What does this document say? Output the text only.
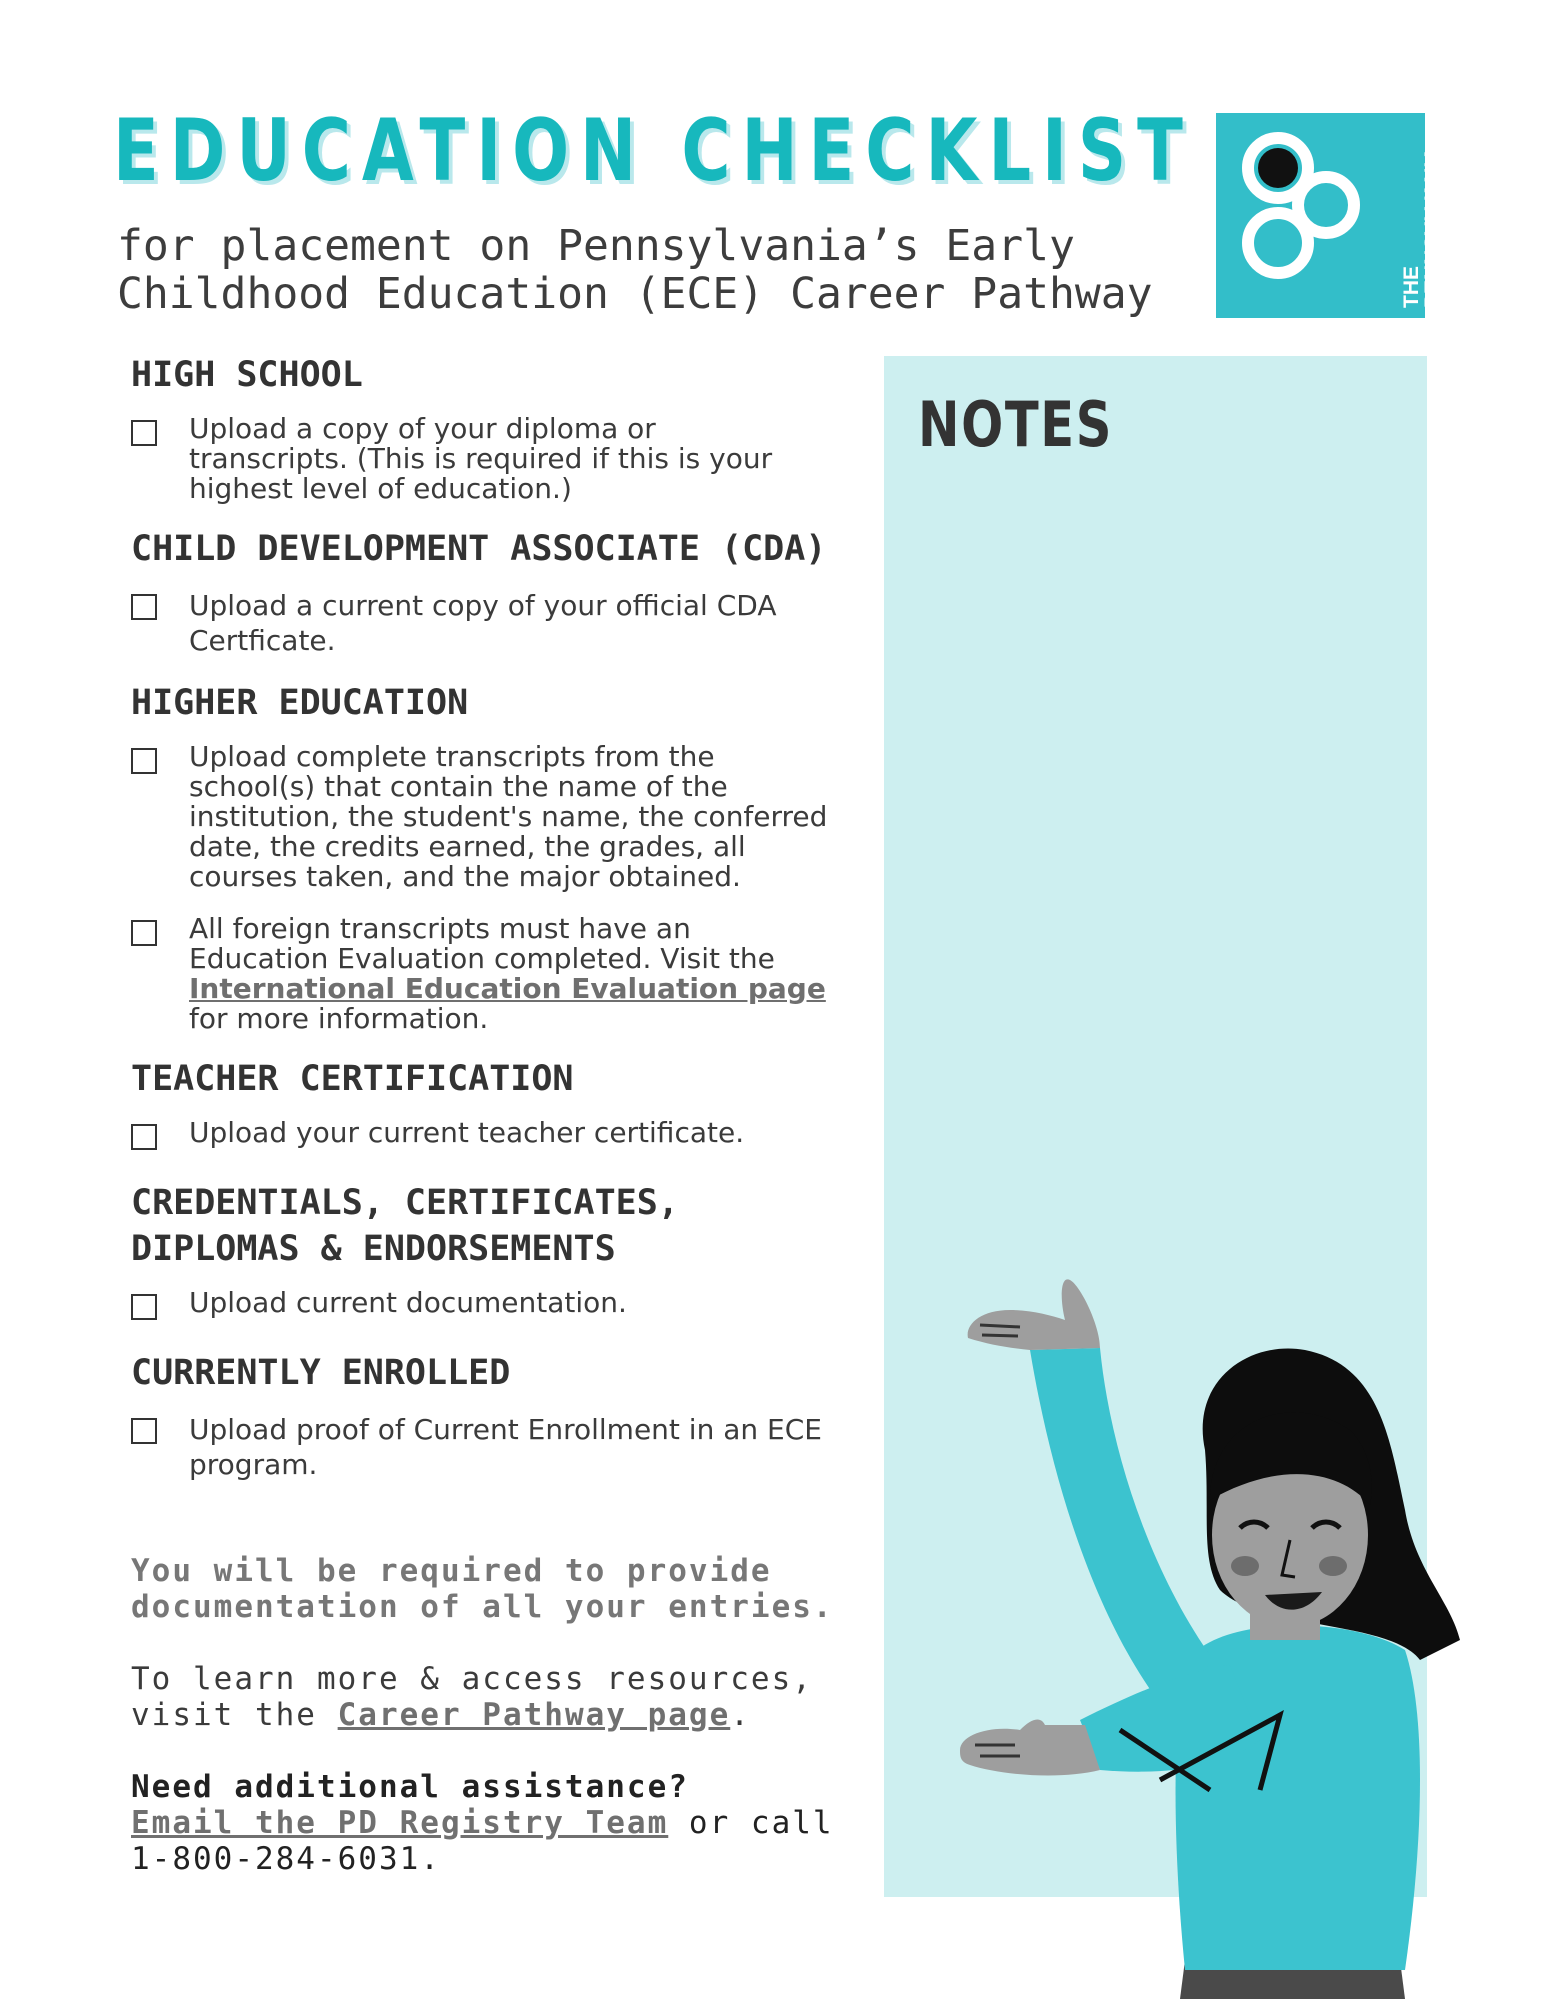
EDUCATION CHECKLIST
for placement on Pennsylvania’s Early
Childhood Education (ECE) Career Pathway	THE
PENNSYLVANIA
KEY
NOTES
HIGH SCHOOL
Upload a copy of your diploma or transcripts. (This is required if this is your highest level of education.)
CHILD DEVELOPMENT ASSOCIATE (CDA)
Upload a current copy of your official CDA Certficate.
HIGHER EDUCATION
Upload complete transcripts from the school(s) that contain the name of the institution, the student's name, the conferred date, the credits earned, the grades, all courses taken, and the major obtained.
All foreign transcripts must have an Education Evaluation completed. Visit the International Education Evaluation page for more information.
TEACHER CERTIFICATION
Upload your current teacher certificate.
CREDENTIALS, CERTIFICATES,
DIPLOMAS & ENDORSEMENTS
Upload current documentation.
CURRENTLY ENROLLED
Upload proof of Current Enrollment in an ECE program.

You will be required to provide documentation of all your entries.

To learn more & access resources, visit the Career Pathway page.

Need additional assistance?
Email the PD Registry Team or call 1-800-284-6031.
